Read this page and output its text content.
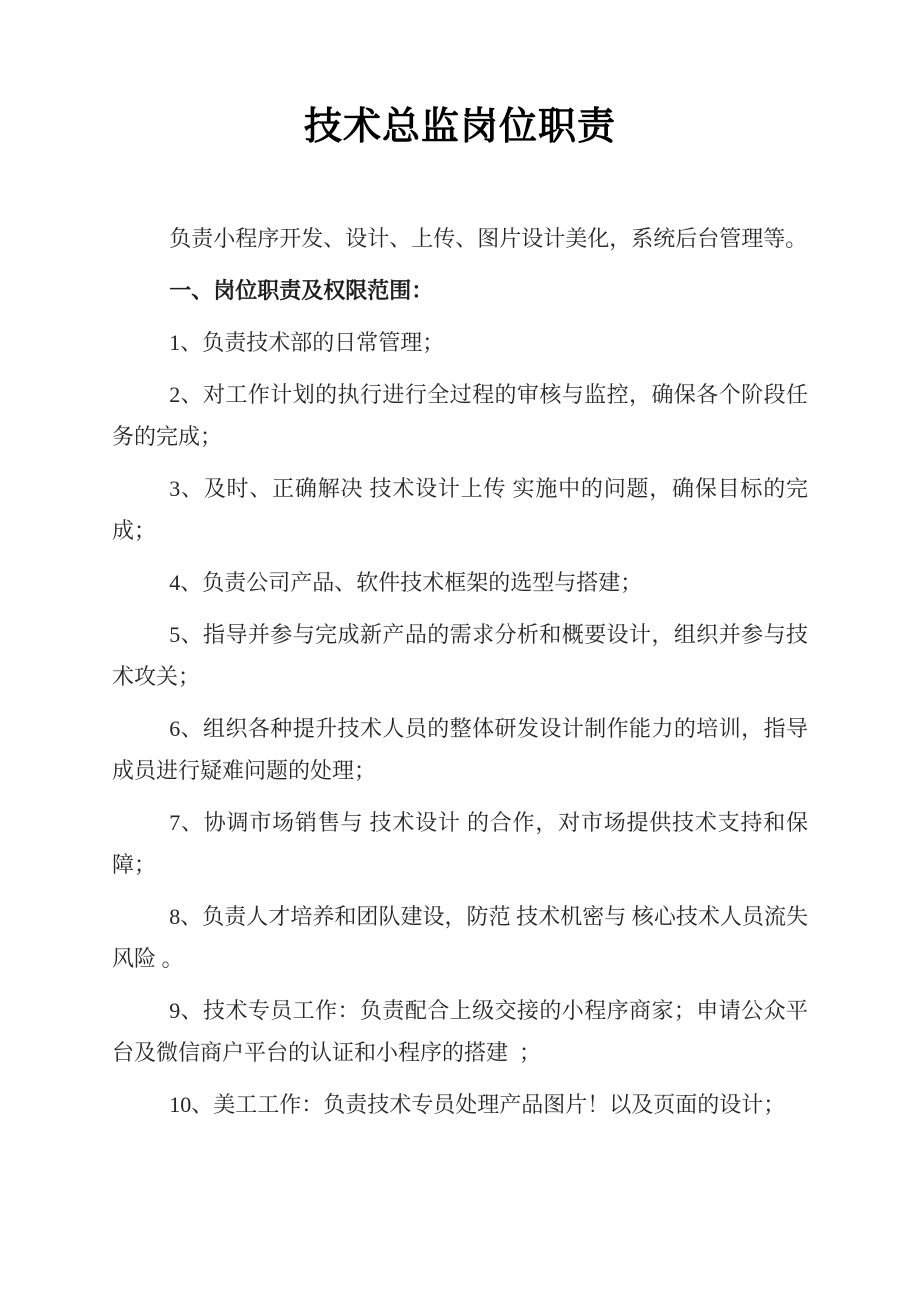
技术总监岗位职责

负责小程序开发、设计、上传、图片设计美化，系统后台管理等。

一、岗位职责及权限范围：

1、负责技术部的日常管理；

2、对工作计划的执行进行全过程的审核与监控，确保各个阶段任务的完成；

3、及时、正确解决 技术设计上传 实施中的问题，确保目标的完成；

4、负责公司产品、软件技术框架的选型与搭建；

5、指导并参与完成新产品的需求分析和概要设计，组织并参与技术攻关；

6、组织各种提升技术人员的整体研发设计制作能力的培训，指导成员进行疑难问题的处理；

7、协调市场销售与 技术设计 的合作，对市场提供技术支持和保障；

8、负责人才培养和团队建设，防范 技术机密与 核心技术人员流失风险 。

9、技术专员工作：负责配合上级交接的小程序商家；申请公众平台及微信商户平台的认证和小程序的搭建  ；

10、美工工作：负责技术专员处理产品图片！以及页面的设计；
